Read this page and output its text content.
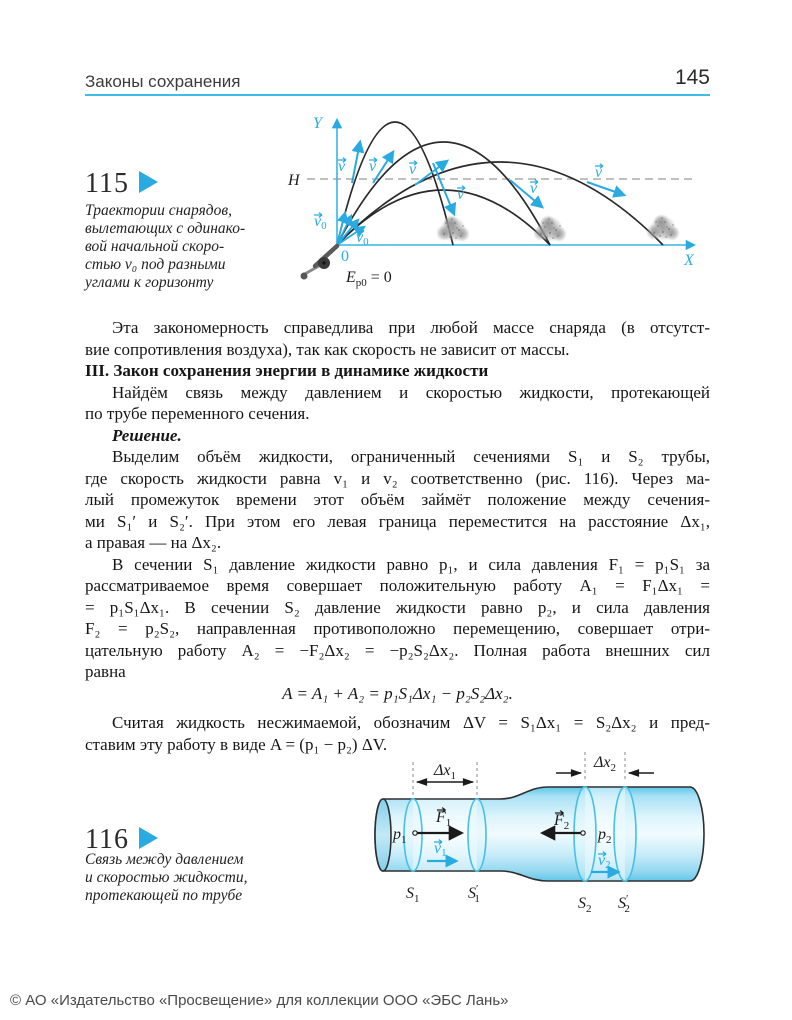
Законы сохранения	145
115
Траектории снарядов,
вылетающих с одинако-
вой начальной скоро-
стью v₀ под разными
углами к горизонту
Y
X
H
0
v v v
v	v
v
v0
v0
$E_{p0} = 0$
Эта закономерность справедлива при любой массе снаряда (в отсутст-
вие сопротивления воздуха), так как скорость не зависит от массы.
III. Закон сохранения энергии в динамике жидкости
Найдём связь между давлением и скоростью жидкости, протекающей
по трубе переменного сечения.
Решение.
Выделим объём жидкости, ограниченный сечениями S₁ и S₂ трубы,
где скорость жидкости равна v₁ и v₂ соответственно (рис. 116). Через ма-
лый промежуток времени этот объём займёт положение между сечения-
ми S₁′ и S₂′. При этом его левая граница переместится на расстояние Δx₁,
а правая — на Δx₂.
В сечении S₁ давление жидкости равно p₁, и сила давления F₁ = p₁S₁ за
рассматриваемое время совершает положительную работу A₁ = F₁Δx₁ =
= p₁S₁Δx₁. В сечении S₂ давление жидкости равно p₂, и сила давления
F₂ = p₂S₂, направленная противоположно перемещению, совершает отри-
цательную работу A₂ = −F₂Δx₂ = −p₂S₂Δx₂. Полная работа внешних сил
равна
A = A₁ + A₂ = p₁S₁Δx₁ − p₂S₂Δx₂.
Считая жидкость несжимаемой, обозначим ΔV = S₁Δx₁ = S₂Δx₂ и пред-
ставим эту работу в виде A = (p₁ − p₂) ΔV.
116
Связь между давлением
и скоростью жидкости,
протекающей по трубе
$\Delta x_1$
$\Delta x_2$
$F_1$
v1
$p_1$
$F_2$
v2
$p_2$
$S_1$	S′ 1	$S_2$ S′ 2
© АО «Издательство «Просвещение» для коллекции ООО «ЭБС Лань»
